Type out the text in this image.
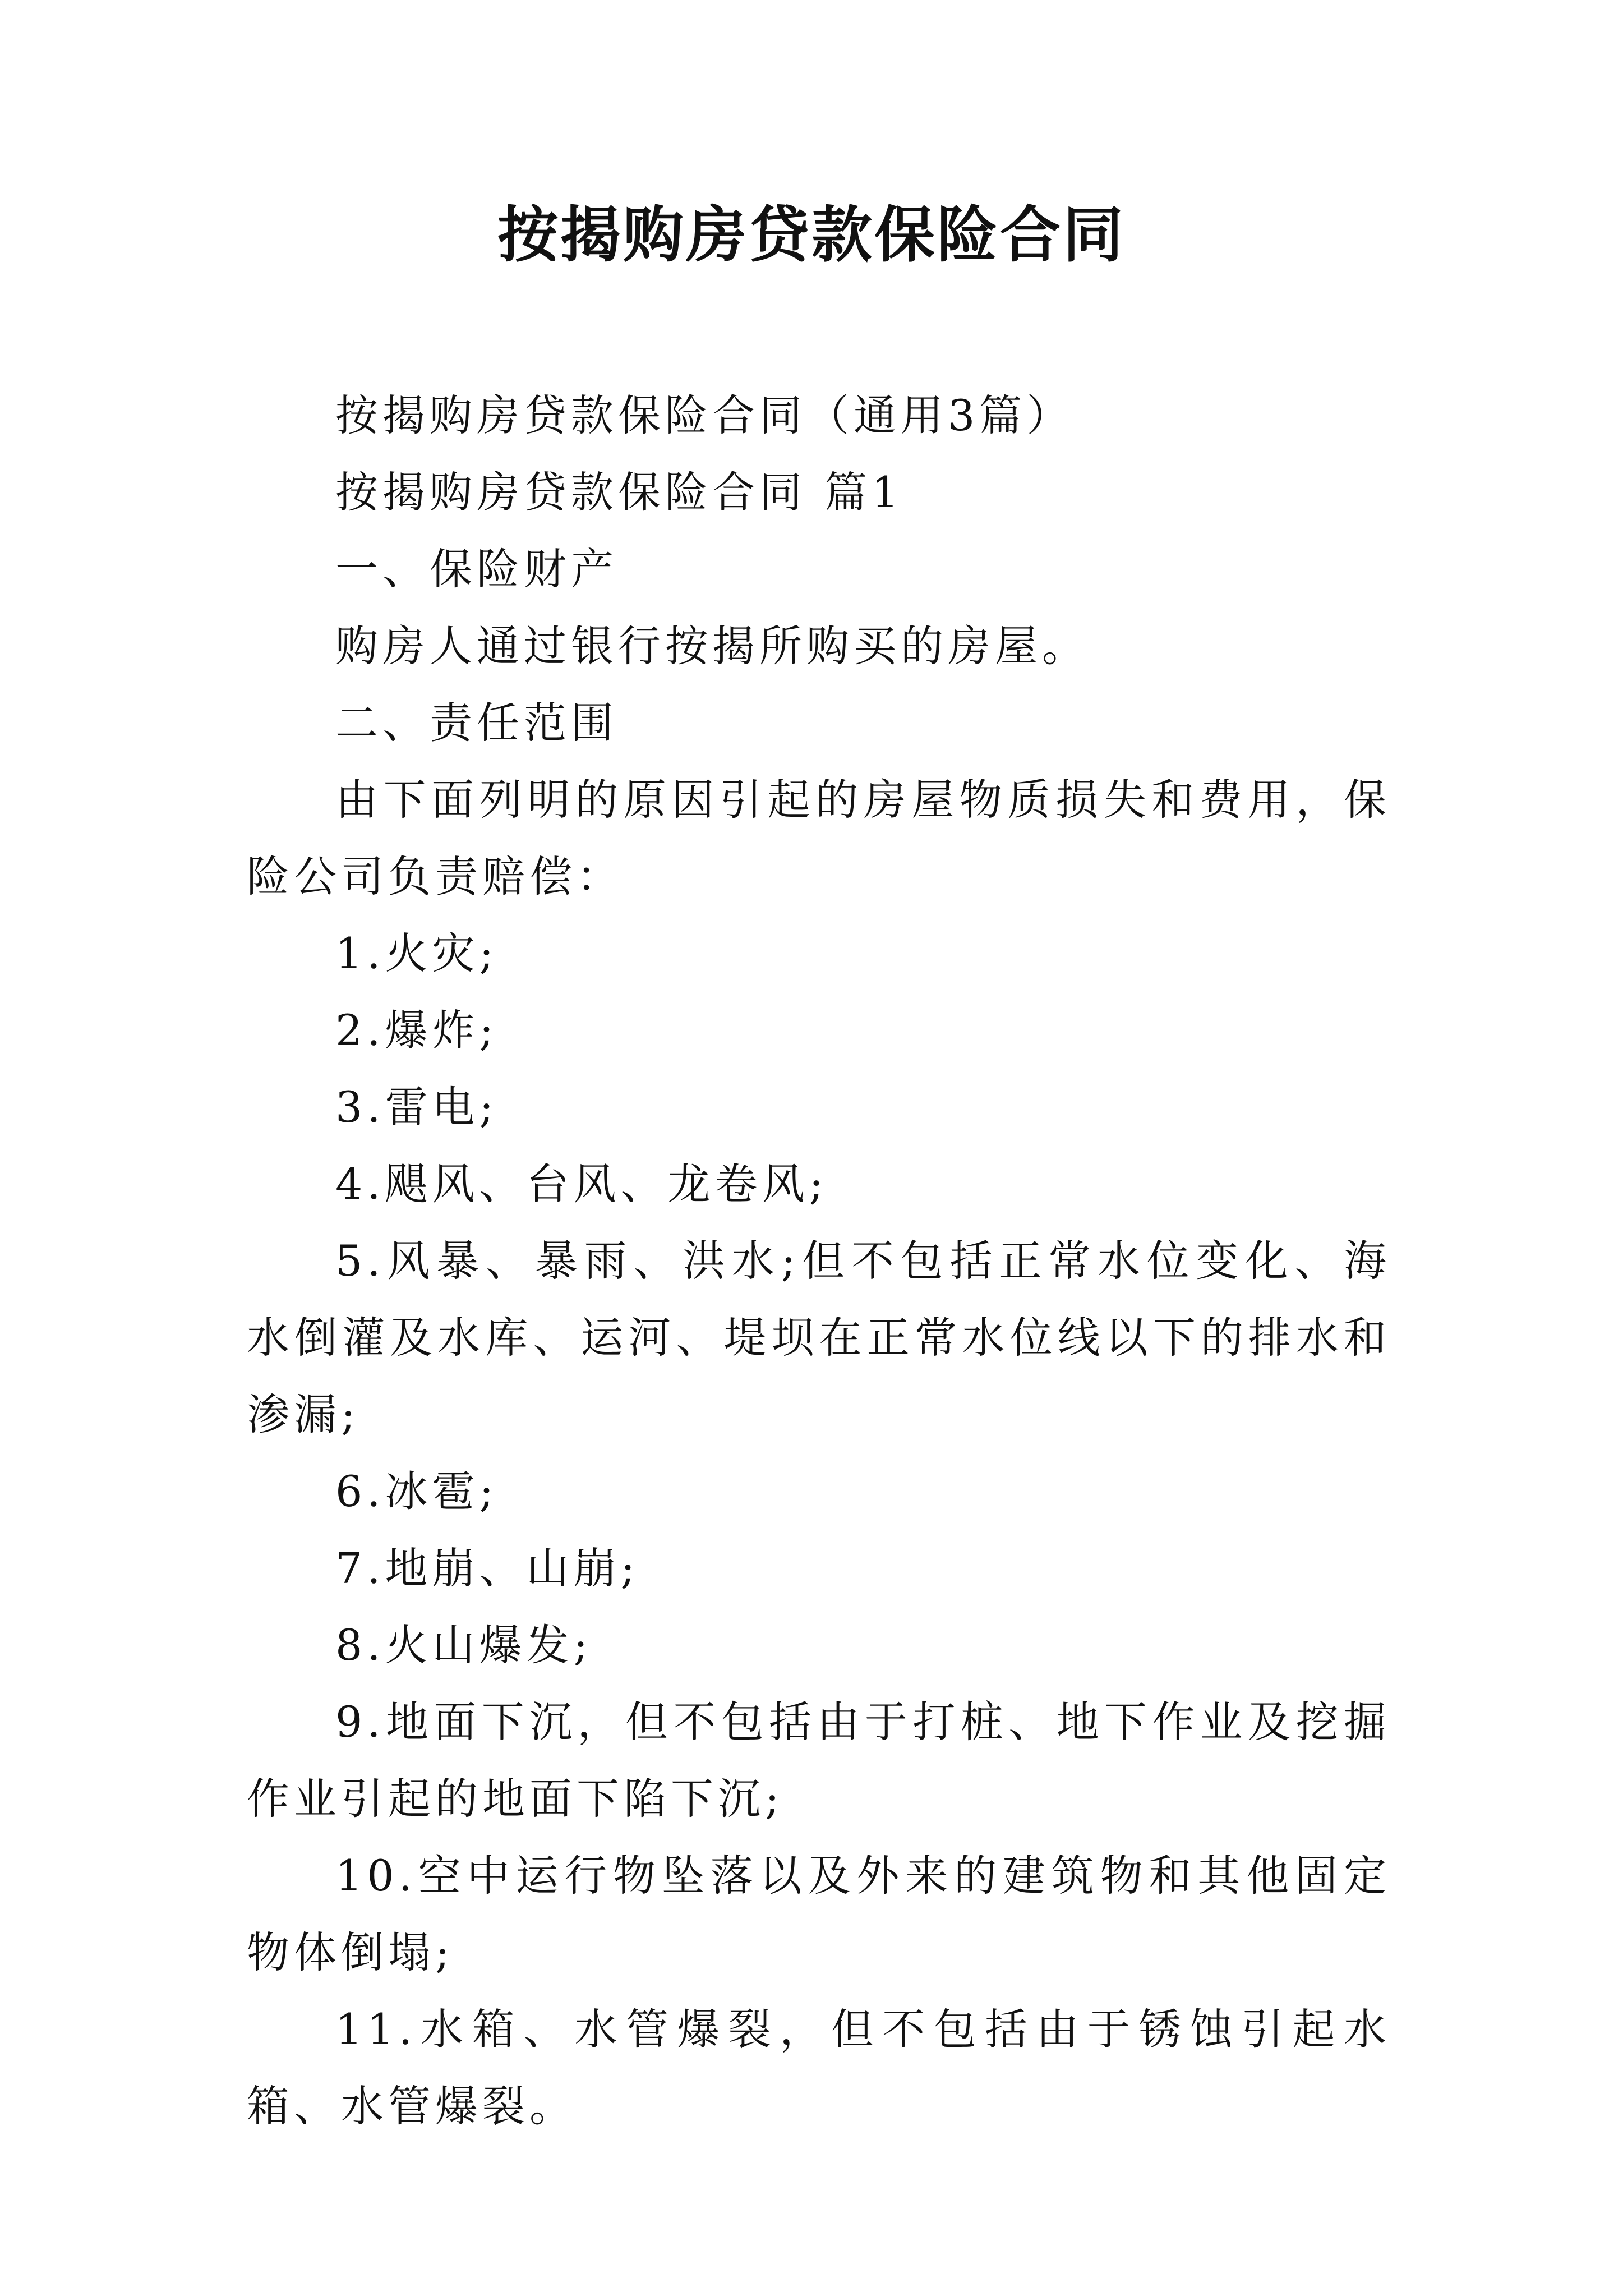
按揭购房贷款保险合同

按揭购房贷款保险合同（通用3篇）

按揭购房贷款保险合同 篇1

一、保险财产

购房人通过银行按揭所购买的房屋。

二、责任范围

由下面列明的原因引起的房屋物质损失和费用，保险公司负责赔偿：

1.火灾;

2.爆炸;

3.雷电;

4.飓风、台风、龙卷风;

5.风暴、暴雨、洪水;但不包括正常水位变化、海水倒灌及水库、运河、堤坝在正常水位线以下的排水和渗漏;

6.冰雹;

7.地崩、山崩;

8.火山爆发;

9.地面下沉，但不包括由于打桩、地下作业及挖掘作业引起的地面下陷下沉;

10.空中运行物坠落以及外来的建筑物和其他固定物体倒塌;

11.水箱、水管爆裂，但不包括由于锈蚀引起水箱、水管爆裂。
